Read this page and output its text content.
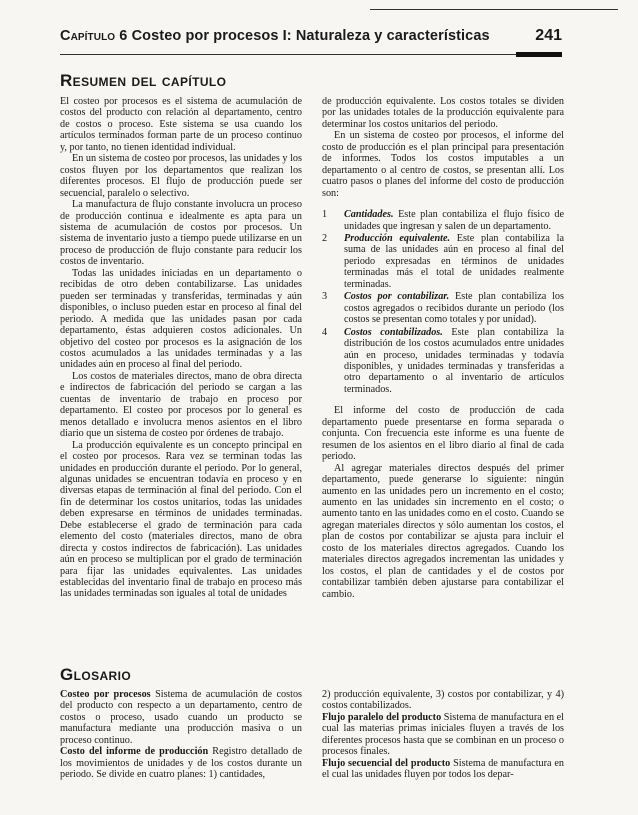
Capítulo 6 Costeo por procesos I: Naturaleza y características	241
Resumen del capítulo

El costeo por procesos es el sistema de acumulación de costos del producto con relación al departamento, centro de costos o proceso. Este sistema se usa cuando los artículos terminados forman parte de un proceso continuo y, por tanto, no tienen identidad individual.

En un sistema de costeo por procesos, las unidades y los costos fluyen por los departamentos que realizan los diferentes procesos. El flujo de producción puede ser secuencial, paralelo o selectivo.

La manufactura de flujo constante involucra un proceso de producción continua e idealmente es apta para un sistema de acumulación de costos por procesos. Un sistema de inventario justo a tiempo puede utilizarse en un proceso de producción de flujo constante para reducir los costos de inventario.

Todas las unidades iniciadas en un departamento o recibidas de otro deben contabilizarse. Las unidades pueden ser terminadas y transferidas, terminadas y aún disponibles, o incluso pueden estar en proceso al final del periodo. A medida que las unidades pasan por cada departamento, éstas adquieren costos adicionales. Un objetivo del costeo por procesos es la asignación de los costos acumulados a las unidades terminadas y a las unidades aún en proceso al final del periodo.

Los costos de materiales directos, mano de obra directa e indirectos de fabricación del periodo se cargan a las cuentas de inventario de trabajo en proceso por departamento. El costeo por procesos por lo general es menos detallado e involucra menos asientos en el libro diario que un sistema de costeo por órdenes de trabajo.

La producción equivalente es un concepto principal en el costeo por procesos. Rara vez se terminan todas las unidades en producción durante el periodo. Por lo general, algunas unidades se encuentran todavía en proceso y en diversas etapas de terminación al final del periodo. Con el fin de determinar los costos unitarios, todas las unidades deben expresarse en términos de unidades terminadas. Debe establecerse el grado de terminación para cada elemento del costo (materiales directos, mano de obra directa y costos indirectos de fabricación). Las unidades aún en proceso se multiplican por el grado de terminación para fijar las unidades equivalentes. Las unidades establecidas del inventario final de trabajo en proceso más las unidades terminadas son iguales al total de unidades

de producción equivalente. Los costos totales se dividen por las unidades totales de la producción equivalente para determinar los costos unitarios del periodo.

En un sistema de costeo por procesos, el informe del costo de producción es el plan principal para presentación de informes. Todos los costos imputables a un departamento o al centro de costos, se presentan allí. Los cuatro pasos o planes del informe del costo de producción son:

1	Cantidades. Este plan contabiliza el flujo físico de unidades que ingresan y salen de un departamento.
2	Producción equivalente. Este plan contabiliza la suma de las unidades aún en proceso al final del periodo expresadas en términos de unidades terminadas más el total de unidades realmente terminadas.
3	Costos por contabilizar. Este plan contabiliza los costos agregados o recibidos durante un periodo (los costos se presentan como totales y por unidad).
4	Costos contabilizados. Este plan contabiliza la distribución de los costos acumulados entre unidades aún en proceso, unidades terminadas y todavía disponibles, y unidades terminadas y transferidas a otro departamento o al inventario de artículos terminados.

El informe del costo de producción de cada departamento puede presentarse en forma separada o conjunta. Con frecuencia este informe es una fuente de resumen de los asientos en el libro diario al final de cada periodo.

Al agregar materiales directos después del primer departamento, puede generarse lo siguiente: ningún aumento en las unidades pero un incremento en el costo; aumento en las unidades sin incremento en el costo; o aumento tanto en las unidades como en el costo. Cuando se agregan materiales directos y sólo aumentan los costos, el plan de costos por contabilizar se ajusta para incluir el costo de los materiales directos agregados. Cuando los materiales directos agregados incrementan las unidades y los costos, el plan de cantidades y el de costos por contabilizar también deben ajustarse para contabilizar el cambio.

Glosario

Costeo por procesos Sistema de acumulación de costos del producto con respecto a un departamento, centro de costos o proceso, usado cuando un producto se manufactura mediante una producción masiva o un proceso continuo.

Costo del informe de producción Registro detallado de los movimientos de unidades y de los costos durante un periodo. Se divide en cuatro planes: 1) cantidades,

2) producción equivalente, 3) costos por contabilizar, y 4) costos contabilizados.

Flujo paralelo del producto Sistema de manufactura en el cual las materias primas iniciales fluyen a través de los diferentes procesos hasta que se combinan en un proceso o procesos finales.

Flujo secuencial del producto Sistema de manufactura en el cual las unidades fluyen por todos los depar-
